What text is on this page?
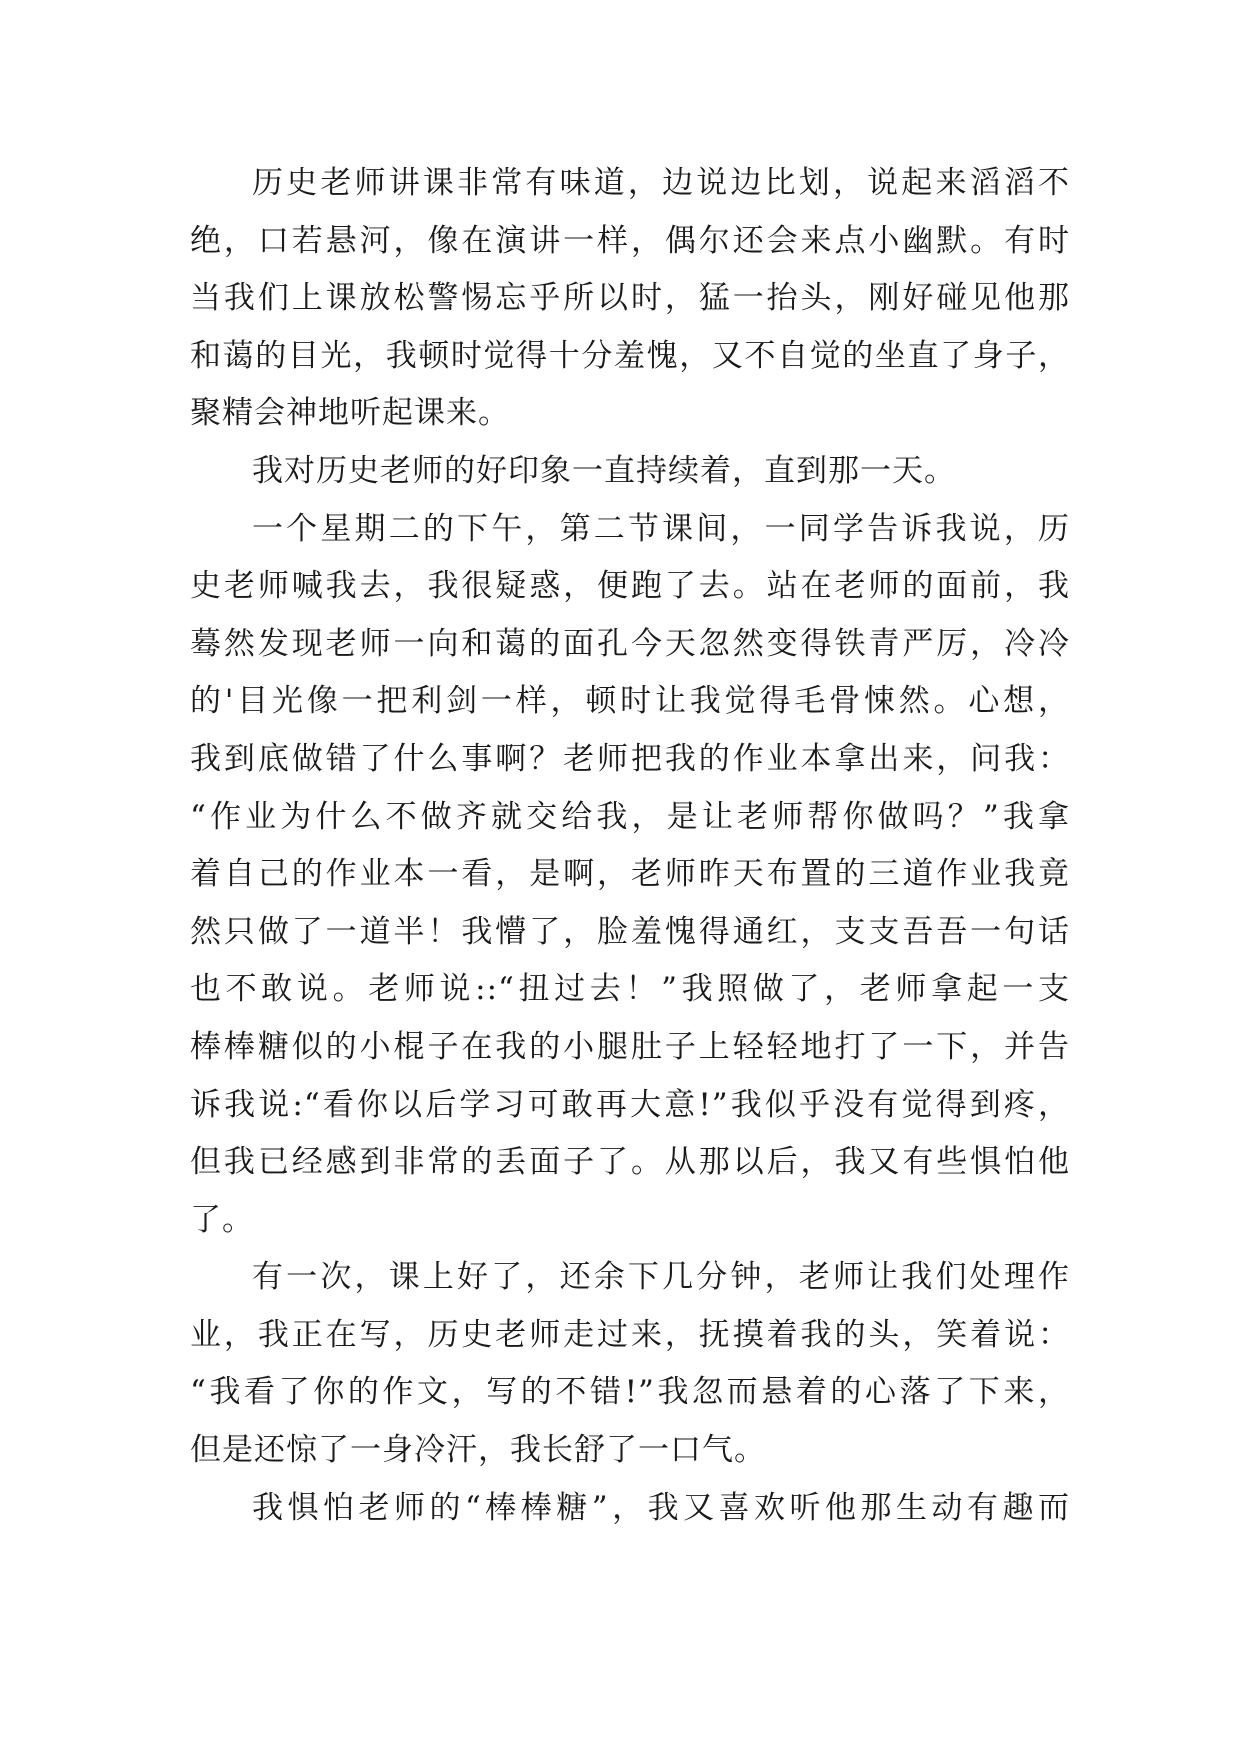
历史老师讲课非常有味道，边说边比划，说起来滔滔不
绝，口若悬河，像在演讲一样，偶尔还会来点小幽默。有时
当我们上课放松警惕忘乎所以时，猛一抬头，刚好碰见他那
和蔼的目光，我顿时觉得十分羞愧，又不自觉的坐直了身子，
聚精会神地听起课来。
我对历史老师的好印象一直持续着，直到那一天。
一个星期二的下午，第二节课间，一同学告诉我说，历
史老师喊我去，我很疑惑，便跑了去。站在老师的面前，我
蓦然发现老师一向和蔼的面孔今天忽然变得铁青严厉，冷冷
的'目光像一把利剑一样，顿时让我觉得毛骨悚然。心想，
我到底做错了什么事啊？老师把我的作业本拿出来，问我：
“作业为什么不做齐就交给我，是让老师帮你做吗？”我拿
着自己的作业本一看，是啊，老师昨天布置的三道作业我竟
然只做了一道半！我懵了，脸羞愧得通红，支支吾吾一句话
也不敢说。老师说::“扭过去！”我照做了，老师拿起一支
棒棒糖似的小棍子在我的小腿肚子上轻轻地打了一下，并告
诉我说:“看你以后学习可敢再大意!”我似乎没有觉得到疼，
但我已经感到非常的丢面子了。从那以后，我又有些惧怕他
了。
有一次，课上好了，还余下几分钟，老师让我们处理作
业，我正在写，历史老师走过来，抚摸着我的头，笑着说：
“我看了你的作文，写的不错!”我忽而悬着的心落了下来，
但是还惊了一身冷汗，我长舒了一口气。
我惧怕老师的“棒棒糖”，我又喜欢听他那生动有趣而
